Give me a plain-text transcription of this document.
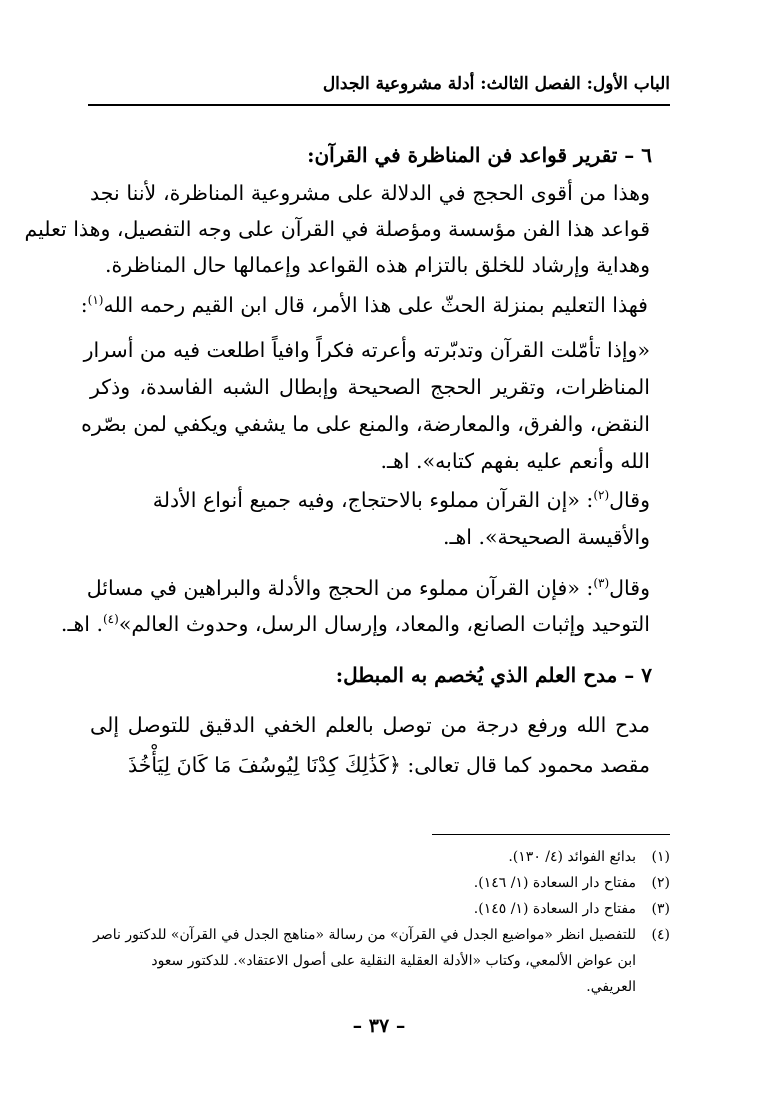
الباب الأول: الفصل الثالث: أدلة مشروعية الجدال
٦ – تقرير قواعد فن المناظرة في القرآن:
وهذا من أقوى الحجج في الدلالة على مشروعية المناظرة، لأننا نجد
قواعد هذا الفن مؤسسة ومؤصلة في القرآن على وجه التفصيل، وهذا تعليم
وهداية وإرشاد للخلق بالتزام هذه القواعد وإعمالها حال المناظرة.
فهذا التعليم بمنزلة الحثّ على هذا الأمر، قال ابن القيم رحمه الله$^{(١)}$:
«وإذا تأمّلت القرآن وتدبّرته وأعرته فكراً وافياً اطلعت فيه من أسرار
المناظرات، وتقرير الحجج الصحيحة وإبطال الشبه الفاسدة، وذكر
النقض، والفرق، والمعارضة، والمنع على ما يشفي ويكفي لمن بصّره
الله وأنعم عليه بفهم كتابه». اهـ.
وقال$^{(٢)}$: «إن القرآن مملوء بالاحتجاج، وفيه جميع أنواع الأدلة
والأقيسة الصحيحة». اهـ.
وقال$^{(٣)}$: «فإن القرآن مملوء من الحجج والأدلة والبراهين في مسائل
التوحيد وإثبات الصانع، والمعاد، وإرسال الرسل، وحدوث العالم»$^{(٤)}$. اهـ.
٧ – مدح العلم الذي يُخصم به المبطل:
مدح الله ورفع درجة من توصل بالعلم الخفي الدقيق للتوصل إلى
مقصد محمود كما قال تعالى: ﴿كَذَٰلِكَ كِدْنَا لِيُوسُفَ مَا كَانَ لِيَأْخُذَ
(١)بدائع الفوائد (٤/ ١٣٠).
(٢)مفتاح دار السعادة (١/ ١٤٦).
(٣)مفتاح دار السعادة (١/ ١٤٥).
(٤)للتفصيل انظر «مواضيع الجدل في القرآن» من رسالة «مناهج الجدل في القرآن» للدكتور ناصر
ابن عواض الألمعي، وكتاب «الأدلة العقلية النقلية على أصول الاعتقاد». للدكتور سعود
العريفي.
– ٣٧ –
